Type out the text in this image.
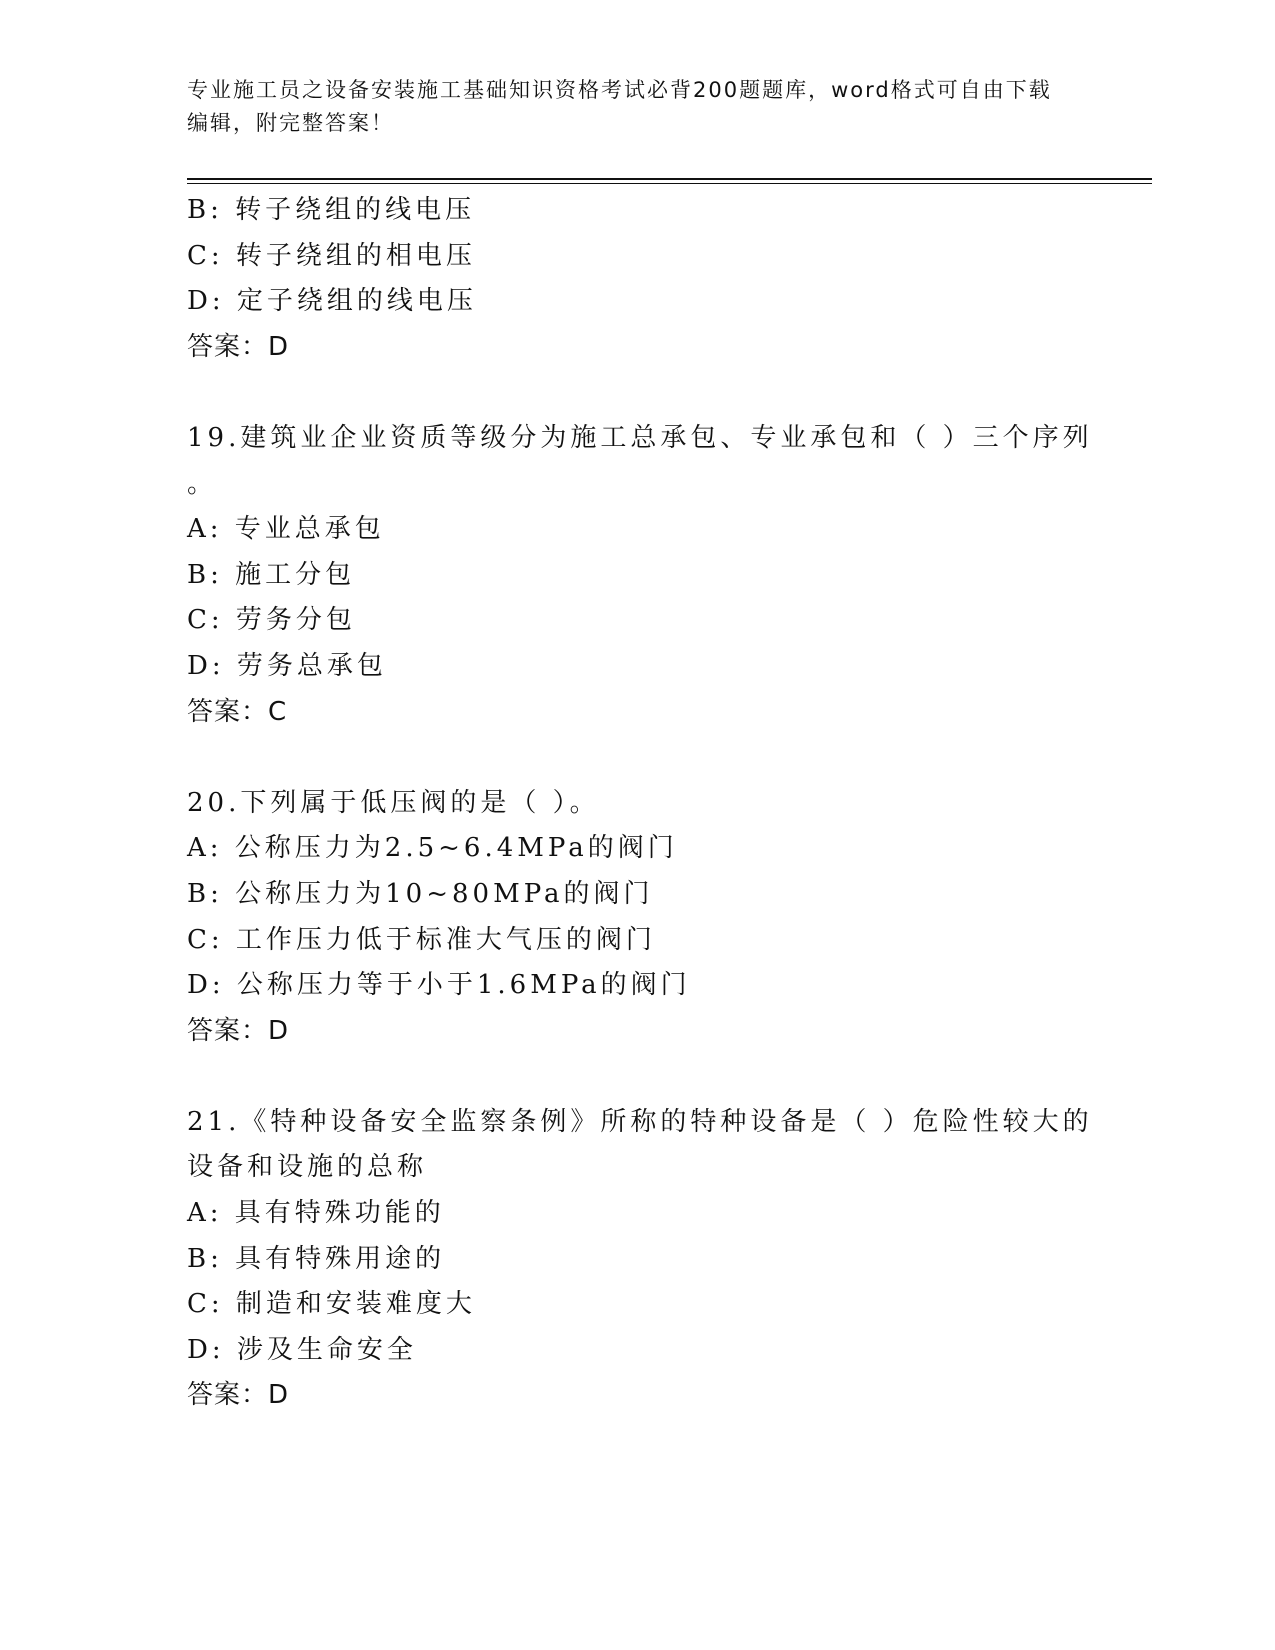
专业施工员之设备安装施工基础知识资格考试必背200题题库，word格式可自由下载编辑，附完整答案！
B: 转子绕组的线电压
C: 转子绕组的相电压
D: 定子绕组的线电压
答案：D
19.建筑业企业资质等级分为施工总承包、专业承包和（ ）三个序列
。
A: 专业总承包
B: 施工分包
C: 劳务分包
D: 劳务总承包
答案：C
20.下列属于低压阀的是（ ）。
A: 公称压力为2.5~6.4MPa的阀门
B: 公称压力为10~80MPa的阀门
C: 工作压力低于标准大气压的阀门
D: 公称压力等于小于1.6MPa的阀门
答案：D
21.《特种设备安全监察条例》所称的特种设备是（ ）危险性较大的
设备和设施的总称
A: 具有特殊功能的
B: 具有特殊用途的
C: 制造和安装难度大
D: 涉及生命安全
答案：D
